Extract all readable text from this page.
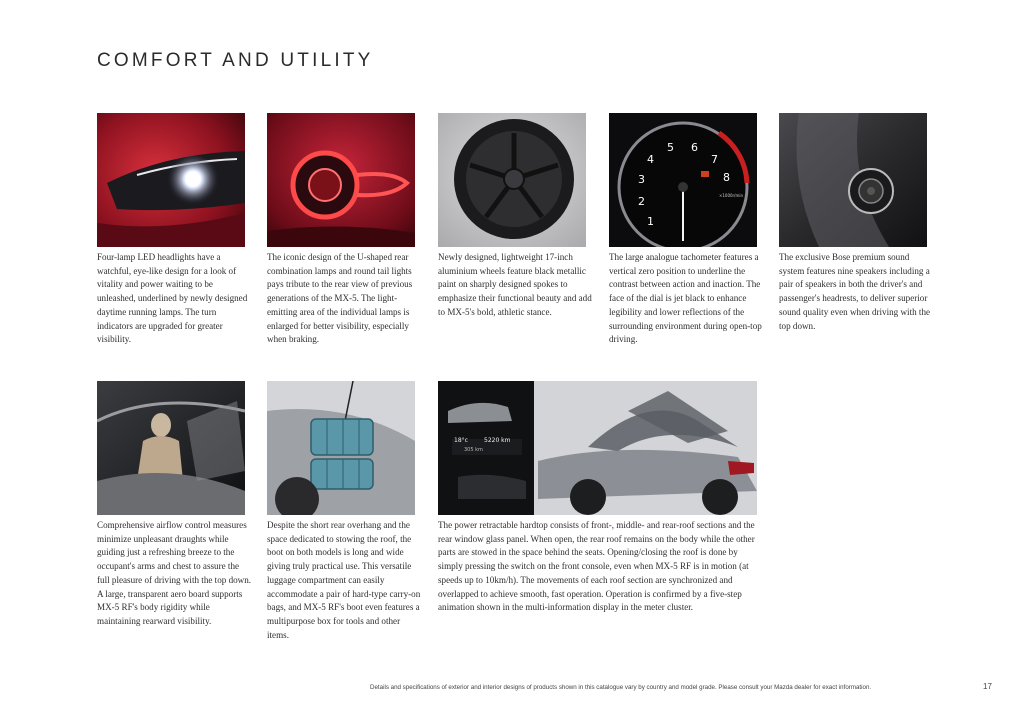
COMFORT AND UTILITY

Four-lamp LED headlights have a watchful, eye-like design for a look of vitality and power waiting to be unleashed, underlined by newly designed daytime running lamps. The turn indicators are upgraded for greater visibility.

The iconic design of the U-shaped rear combination lamps and round tail lights pays tribute to the rear view of previous generations of the MX-5. The light-emitting area of the individual lamps is enlarged for better visibility, especially when braking.

Newly designed, lightweight 17-inch aluminium wheels feature black metallic paint on sharply designed spokes to emphasize their functional beauty and add to MX-5's bold, athletic stance.

1
2
3
4
5 6
7
8
×1000r/min

The large analogue tachometer features a vertical zero position to underline the contrast between action and inaction. The face of the dial is jet black to enhance legibility and lower reflections of the surrounding environment during open-top driving.

The exclusive Bose premium sound system features nine speakers including a pair of speakers in both the driver's and passenger's headrests, to deliver superior sound quality even when driving with the top down.

Comprehensive airflow control measures minimize unpleasant draughts while guiding just a refreshing breeze to the occupant's arms and chest to assure the full pleasure of driving with the top down. A large, transparent aero board supports MX-5 RF's body rigidity while maintaining rearward visibility.

Despite the short rear overhang and the space dedicated to stowing the roof, the boot on both models is long and wide giving truly practical use. This versatile luggage compartment can easily accommodate a pair of hard-type carry-on bags, and MX-5 RF's boot even features a multipurpose box for tools and other items.

18°c	5220 km
305 km

The power retractable hardtop consists of front-, middle- and rear-roof sections and the rear window glass panel. When open, the rear roof remains on the body while the other parts are stowed in the space behind the seats. Opening/closing the roof is done by simply pressing the switch on the front console, even when MX-5 RF is in motion (at speeds up to 10km/h). The movements of each roof section are synchronized and overlapped to achieve smooth, fast operation. Operation is confirmed by a five-step animation shown in the multi-information display in the meter cluster.

Details and specifications of exterior and interior designs of products shown in this catalogue vary by country and model grade. Please consult your Mazda dealer for exact information.	17
